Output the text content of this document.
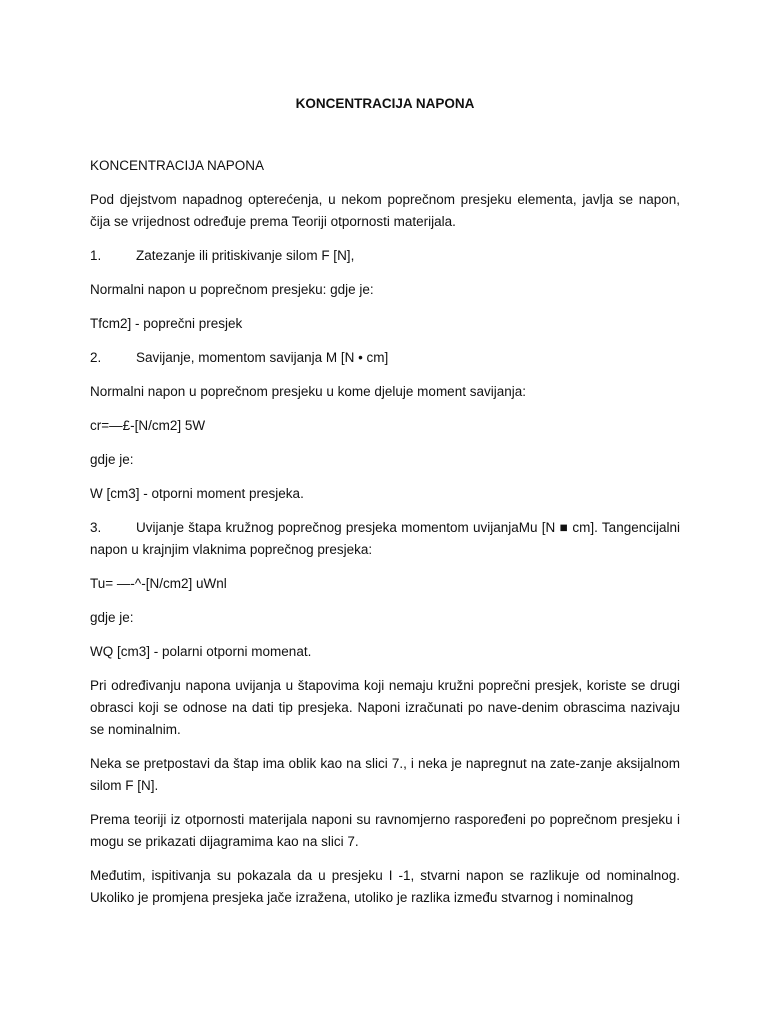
KONCENTRACIJA NAPONA

KONCENTRACIJA NAPONA

Pod djejstvom napadnog opterećenja, u nekom poprečnom presjeku elementa, javlja se napon, čija se vrijednost određuje prema Teoriji otpornosti materijala.

1.	Zatezanje ili pritiskivanje silom F [N],

Normalni napon u poprečnom presjeku: gdje je:

Tfcm2] - poprečni presjek

2.	Savijanje, momentom savijanja M [N • cm]

Normalni napon u poprečnom presjeku u kome djeluje moment savijanja:

cr=—£-[N/cm2] 5W

gdje je:

W [cm3] - otporni moment presjeka.

3.	Uvijanje štapa kružnog poprečnog presjeka momentom uvijanjaMu [N ■ cm]. Tangencijalni napon u krajnjim vlaknima poprečnog presjeka:

Tu= —-^-[N/cm2] uWnl

gdje je:

WQ [cm3] - polarni otporni momenat.

Pri određivanju napona uvijanja u štapovima koji nemaju kružni poprečni presjek, koriste se drugi obrasci koji se odnose na dati tip presjeka. Naponi izračunati po nave-denim obrascima nazivaju se nominalnim.

Neka se pretpostavi da štap ima oblik kao na slici 7., i neka je napregnut na zate-zanje aksijalnom silom F [N].

Prema teoriji iz otpornosti materijala naponi su ravnomjerno raspoređeni po poprečnom presjeku i mogu se prikazati dijagramima kao na slici 7.

Međutim, ispitivanja su pokazala da u presjeku I -1, stvarni napon se razlikuje od nominalnog. Ukoliko je promjena presjeka jače izražena, utoliko je razlika između stvarnog i nominalnog
